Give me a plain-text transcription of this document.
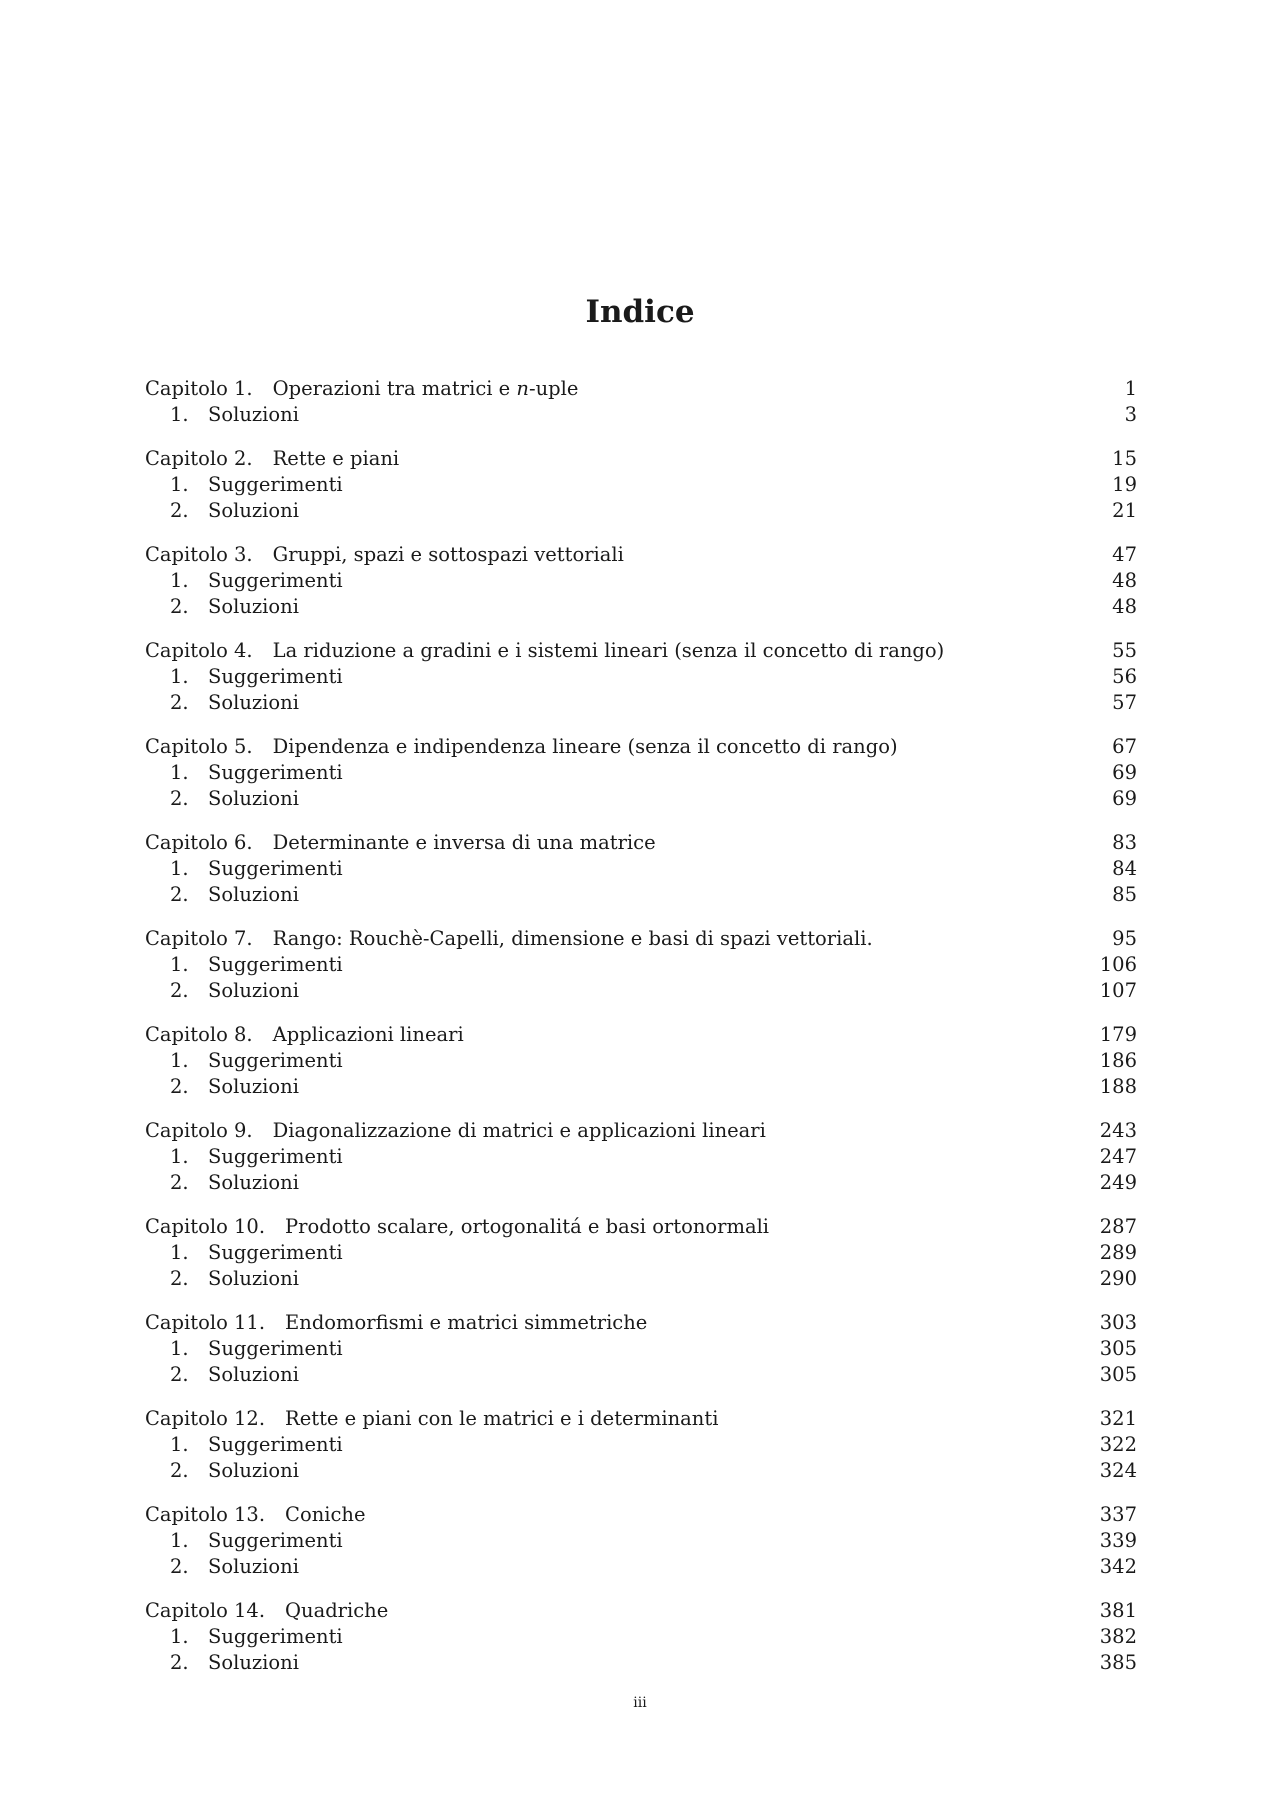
Indice
Capitolo 1. Operazioni tra matrici e n-uple	1
1. Soluzioni	3
Capitolo 2. Rette e piani	15
1. Suggerimenti	19
2. Soluzioni	21
Capitolo 3. Gruppi, spazi e sottospazi vettoriali	47
1. Suggerimenti	48
2. Soluzioni	48
Capitolo 4. La riduzione a gradini e i sistemi lineari (senza il concetto di rango)	55
1. Suggerimenti	56
2. Soluzioni	57
Capitolo 5. Dipendenza e indipendenza lineare (senza il concetto di rango)	67
1. Suggerimenti	69
2. Soluzioni	69
Capitolo 6. Determinante e inversa di una matrice	83
1. Suggerimenti	84
2. Soluzioni	85
Capitolo 7. Rango: Rouchè-Capelli, dimensione e basi di spazi vettoriali.	95
1. Suggerimenti	106
2. Soluzioni	107
Capitolo 8. Applicazioni lineari	179
1. Suggerimenti	186
2. Soluzioni	188
Capitolo 9. Diagonalizzazione di matrici e applicazioni lineari	243
1. Suggerimenti	247
2. Soluzioni	249
Capitolo 10. Prodotto scalare, ortogonalitá e basi ortonormali	287
1. Suggerimenti	289
2. Soluzioni	290
Capitolo 11. Endomorfismi e matrici simmetriche	303
1. Suggerimenti	305
2. Soluzioni	305
Capitolo 12. Rette e piani con le matrici e i determinanti	321
1. Suggerimenti	322
2. Soluzioni	324
Capitolo 13. Coniche	337
1. Suggerimenti	339
2. Soluzioni	342
Capitolo 14. Quadriche	381
1. Suggerimenti	382
2. Soluzioni	385
iii
